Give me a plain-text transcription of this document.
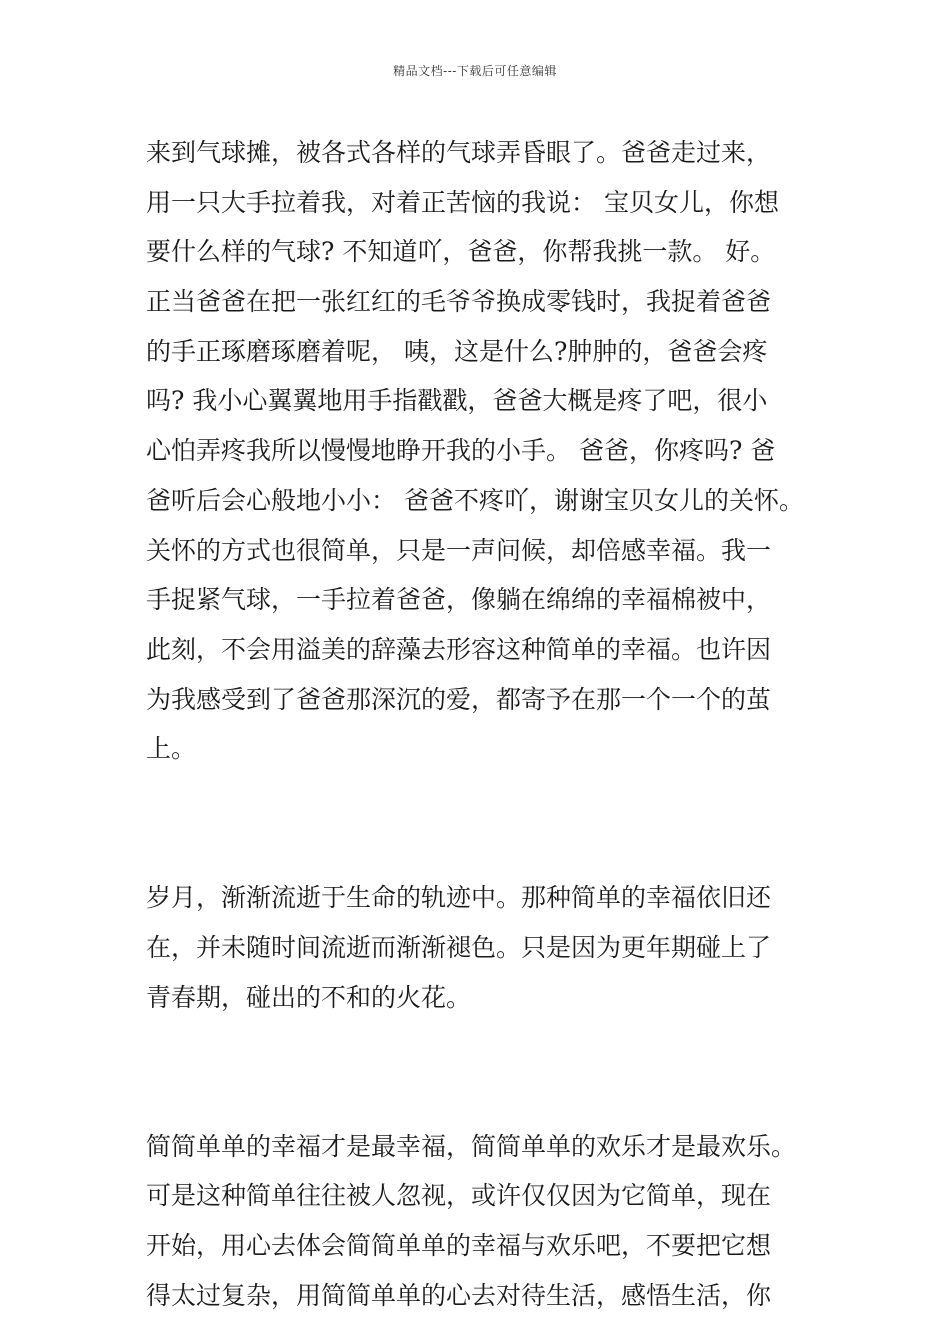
精品文档---下载后可任意编辑
来到气球摊，被各式各样的气球弄昏眼了。爸爸走过来，
用一只大手拉着我，对着正苦恼的我说： 宝贝女儿，你想
要什么样的气球? 不知道吖，爸爸，你帮我挑一款。 好。
正当爸爸在把一张红红的毛爷爷换成零钱时，我捉着爸爸
的手正琢磨琢磨着呢， 咦，这是什么?肿肿的，爸爸会疼
吗? 我小心翼翼地用手指戳戳，爸爸大概是疼了吧，很小
心怕弄疼我所以慢慢地睁开我的小手。 爸爸，你疼吗? 爸
爸听后会心般地小小： 爸爸不疼吖，谢谢宝贝女儿的关怀。
关怀的方式也很简单，只是一声问候，却倍感幸福。我一
手捉紧气球，一手拉着爸爸，像躺在绵绵的幸福棉被中，
此刻，不会用溢美的辞藻去形容这种简单的幸福。也许因
为我感受到了爸爸那深沉的爱，都寄予在那一个一个的茧
上。
岁月，渐渐流逝于生命的轨迹中。那种简单的幸福依旧还
在，并未随时间流逝而渐渐褪色。只是因为更年期碰上了
青春期，碰出的不和的火花。
简简单单的幸福才是最幸福，简简单单的欢乐才是最欢乐。
可是这种简单往往被人忽视，或许仅仅因为它简单，现在
开始，用心去体会简简单单的幸福与欢乐吧，不要把它想
得太过复杂，用简简单单的心去对待生活，感悟生活，你
